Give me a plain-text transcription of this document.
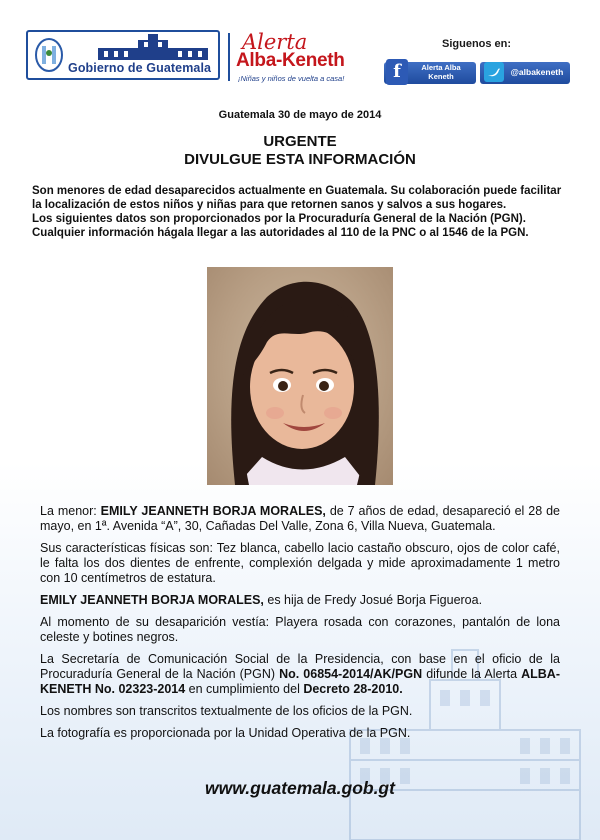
Gobierno de Guatemala
Alerta
Alba-Keneth
¡Niñas y niños de vuelta a casa!
Siguenos en:
f	Alerta Alba Keneth	@albakeneth
Guatemala 30 de mayo de 2014
URGENTE
DIVULGUE ESTA INFORMACIÓN
Son menores de edad desaparecidos actualmente en Guatemala. Su colaboración puede facilitar la localización de estos niños y niñas para que retornen sanos y salvos a sus hogares.
Los siguientes datos son proporcionados por la Procuraduría General de la Nación (PGN).
Cualquier información hágala llegar a las autoridades al 110 de la PNC o al 1546 de la PGN.

La menor: EMILY JEANNETH BORJA MORALES, de 7 años de edad, desapareció el 28 de mayo, en 1ª. Avenida “A”, 30, Cañadas Del Valle, Zona 6, Villa Nueva, Guatemala.

Sus características físicas son: Tez blanca, cabello lacio castaño obscuro, ojos de color café, le falta los dos dientes de enfrente, complexión delgada y mide aproximadamente 1 metro con 10 centímetros de estatura.

EMILY JEANNETH BORJA MORALES, es hija de Fredy Josué Borja Figueroa.

Al momento de su desaparición vestía: Playera rosada con corazones, pantalón de lona celeste y botines negros.

La Secretaría de Comunicación Social de la Presidencia, con base en el oficio de la Procuraduría General de la Nación (PGN) No. 06854-2014/AK/PGN difunde la Alerta ALBA-KENETH No. 02323-2014 en cumplimiento del Decreto 28-2010.

Los nombres son transcritos textualmente de los oficios de la PGN.

La fotografía es proporcionada por la Unidad Operativa de la PGN.

www.guatemala.gob.gt
